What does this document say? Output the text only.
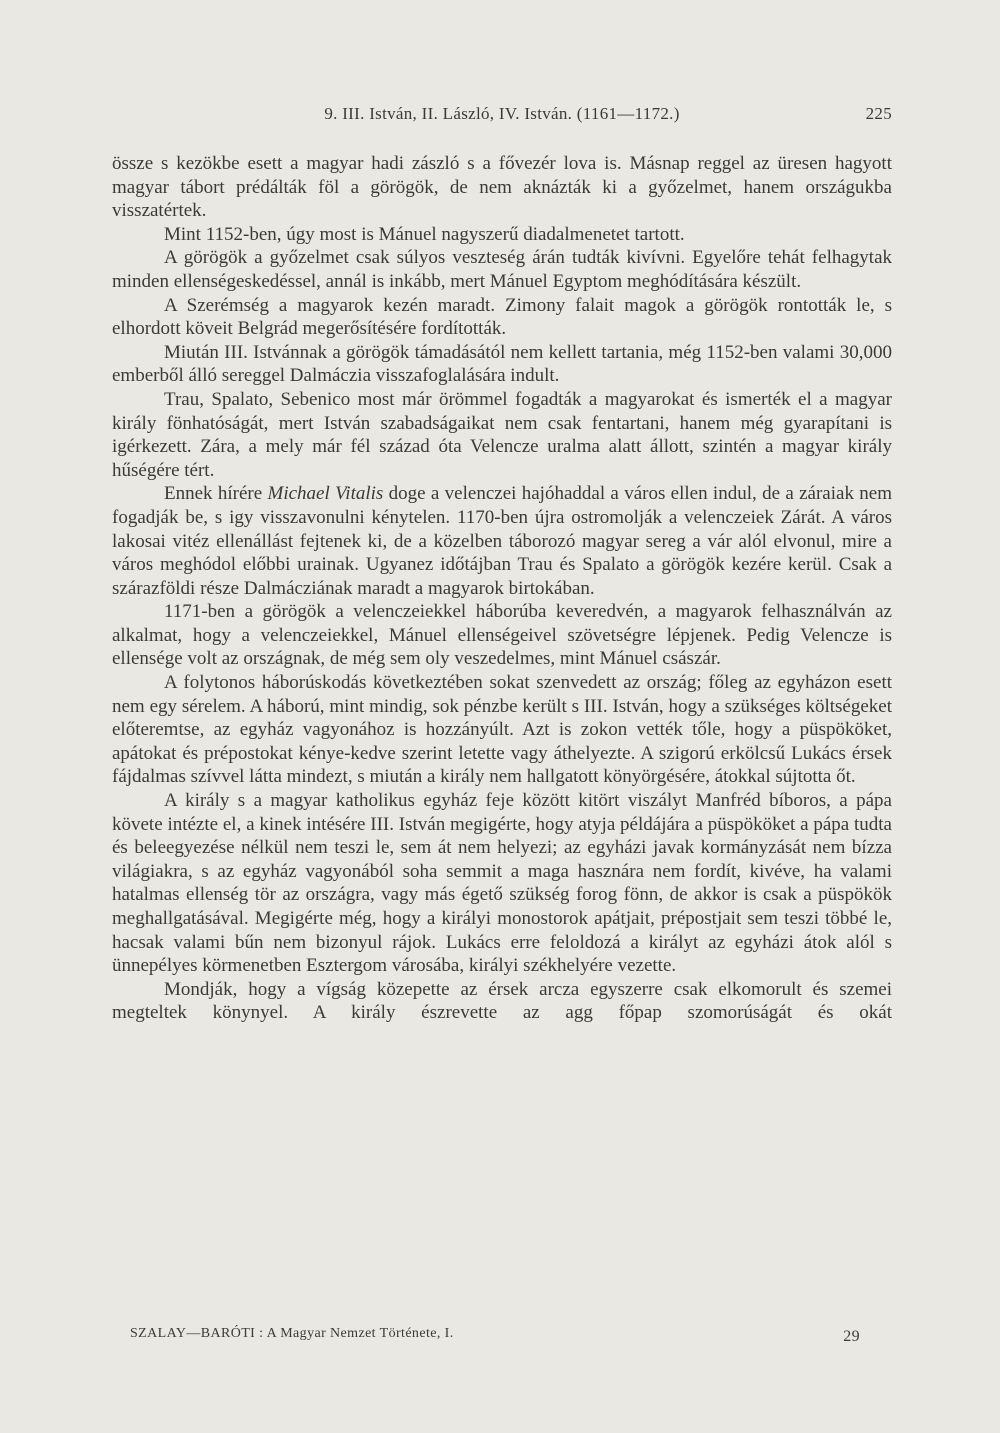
9. III. István, II. László, IV. István. (1161—1172.)	225

össze s kezökbe esett a magyar hadi zászló s a fővezér lova is. Másnap reggel az üresen hagyott magyar tábort prédálták föl a görögök, de nem aknázták ki a győzelmet, hanem országukba visszatértek.

Mint 1152-ben, úgy most is Mánuel nagyszerű diadalmenetet tartott.

A görögök a győzelmet csak súlyos veszteség árán tudták kivívni. Egyelőre tehát felhagytak minden ellenségeskedéssel, annál is inkább, mert Mánuel Egyptom meghódítására készült.

A Szerémség a magyarok kezén maradt. Zimony falait magok a görögök rontották le, s elhordott köveit Belgrád megerősítésére fordították.

Miután III. Istvánnak a görögök támadásától nem kellett tartania, még 1152-ben valami 30,000 emberből álló sereggel Dalmáczia visszafoglalására indult.

Trau, Spalato, Sebenico most már örömmel fogadták a magyarokat és ismerték el a magyar király fönhatóságát, mert István szabadságaikat nem csak fentartani, hanem még gyarapítani is igérkezett. Zára, a mely már fél század óta Velencze uralma alatt állott, szintén a magyar király hűségére tért.

Ennek hírére Michael Vitalis doge a velenczei hajóhaddal a város ellen indul, de a záraiak nem fogadják be, s igy visszavonulni kénytelen. 1170-ben újra ostromolják a velenczeiek Zárát. A város lakosai vitéz ellenállást fejtenek ki, de a közelben táborozó magyar sereg a vár alól elvonul, mire a város meghódol előbbi urainak. Ugyanez időtájban Trau és Spalato a görögök kezére kerül. Csak a szárazföldi része Dalmácziának maradt a magyarok birtokában.

1171-ben a görögök a velenczeiekkel háborúba keveredvén, a magyarok felhasználván az alkalmat, hogy a velenczeiekkel, Mánuel ellenségeivel szövetségre lépjenek. Pedig Velencze is ellensége volt az országnak, de még sem oly veszedelmes, mint Mánuel császár.

A folytonos háborúskodás következtében sokat szenvedett az ország; főleg az egyházon esett nem egy sérelem. A háború, mint mindig, sok pénzbe került s III. István, hogy a szükséges költségeket előteremtse, az egyház vagyonához is hozzányúlt. Azt is zokon vették tőle, hogy a püspököket, apátokat és prépostokat kénye-kedve szerint letette vagy áthelyezte. A szigorú erkölcsű Lukács érsek fájdalmas szívvel látta mindezt, s miután a király nem hallgatott könyörgésére, átokkal sújtotta őt.

A király s a magyar katholikus egyház feje között kitört viszályt Manfréd bíboros, a pápa követe intézte el, a kinek intésére III. István megigérte, hogy atyja példájára a püspököket a pápa tudta és beleegyezése nélkül nem teszi le, sem át nem helyezi; az egyházi javak kormányzását nem bízza világiakra, s az egyház vagyonából soha semmit a maga hasznára nem fordít, kivéve, ha valami hatalmas ellenség tör az országra, vagy más égető szükség forog fönn, de akkor is csak a püspökök meghallgatásával. Megigérte még, hogy a királyi monostorok apátjait, prépostjait sem teszi többé le, hacsak valami bűn nem bizonyul rájok. Lukács erre feloldozá a királyt az egyházi átok alól s ünnepélyes körmenetben Esztergom városába, királyi székhelyére vezette.

Mondják, hogy a vígság közepette az érsek arcza egyszerre csak elkomorult és szemei megteltek könynyel. A király észrevette az agg főpap szomorúságát és okát

SZALAY—BARÓTI : A Magyar Nemzet Története, I.	29
